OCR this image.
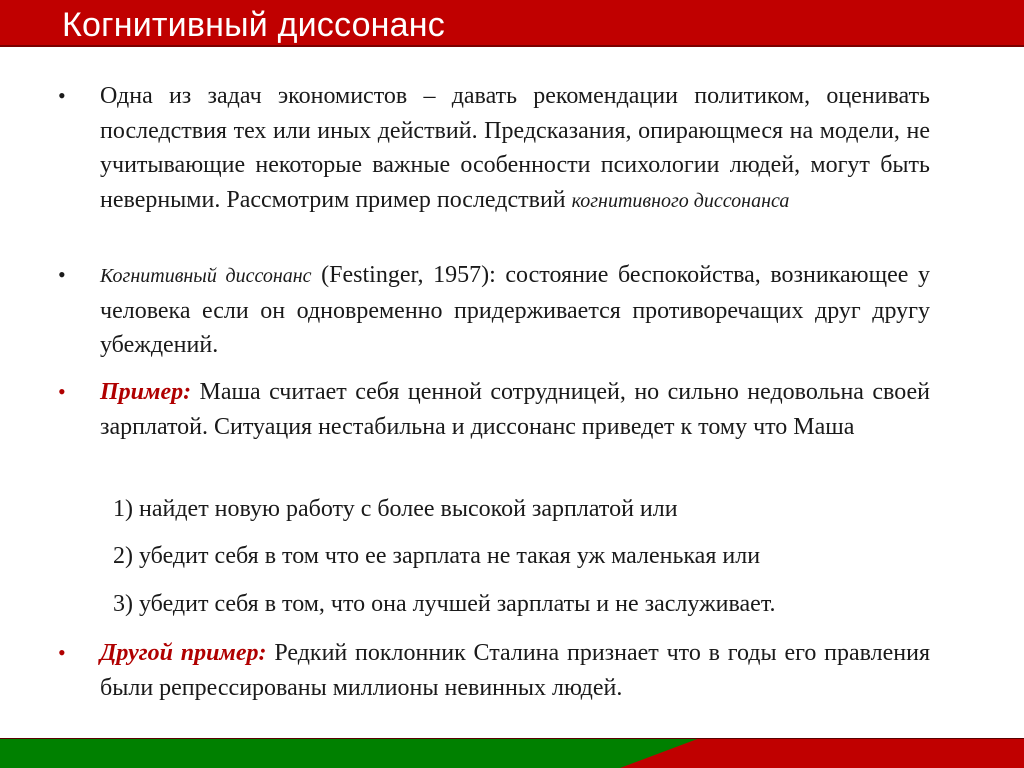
Когнитивный диссонанс
• Одна из задач экономистов – давать рекомендации политиком, оценивать последствия тех или иных действий. Предсказания, опирающмеся на модели, не учитывающие некоторые важные особенности психологии людей, могут быть неверными. Рассмотрим пример последствий когнитивного диссонанса
• Когнитивный диссонанс (Festinger, 1957): состояние беспокойства, возникающее у человека если он одновременно придерживается противоречащих друг другу убеждений.
• Пример: Маша считает себя ценной сотрудницей, но сильно недовольна своей зарплатой. Ситуация нестабильна и диссонанс приведет к тому что Маша
1) найдет новую работу с более высокой зарплатой или
2) убедит себя в том что ее зарплата не такая уж маленькая или
3) убедит себя в том, что она лучшей зарплаты и не заслуживает.
• Другой пример: Редкий поклонник Сталина признает что в годы его правления были репрессированы миллионы невинных людей.
